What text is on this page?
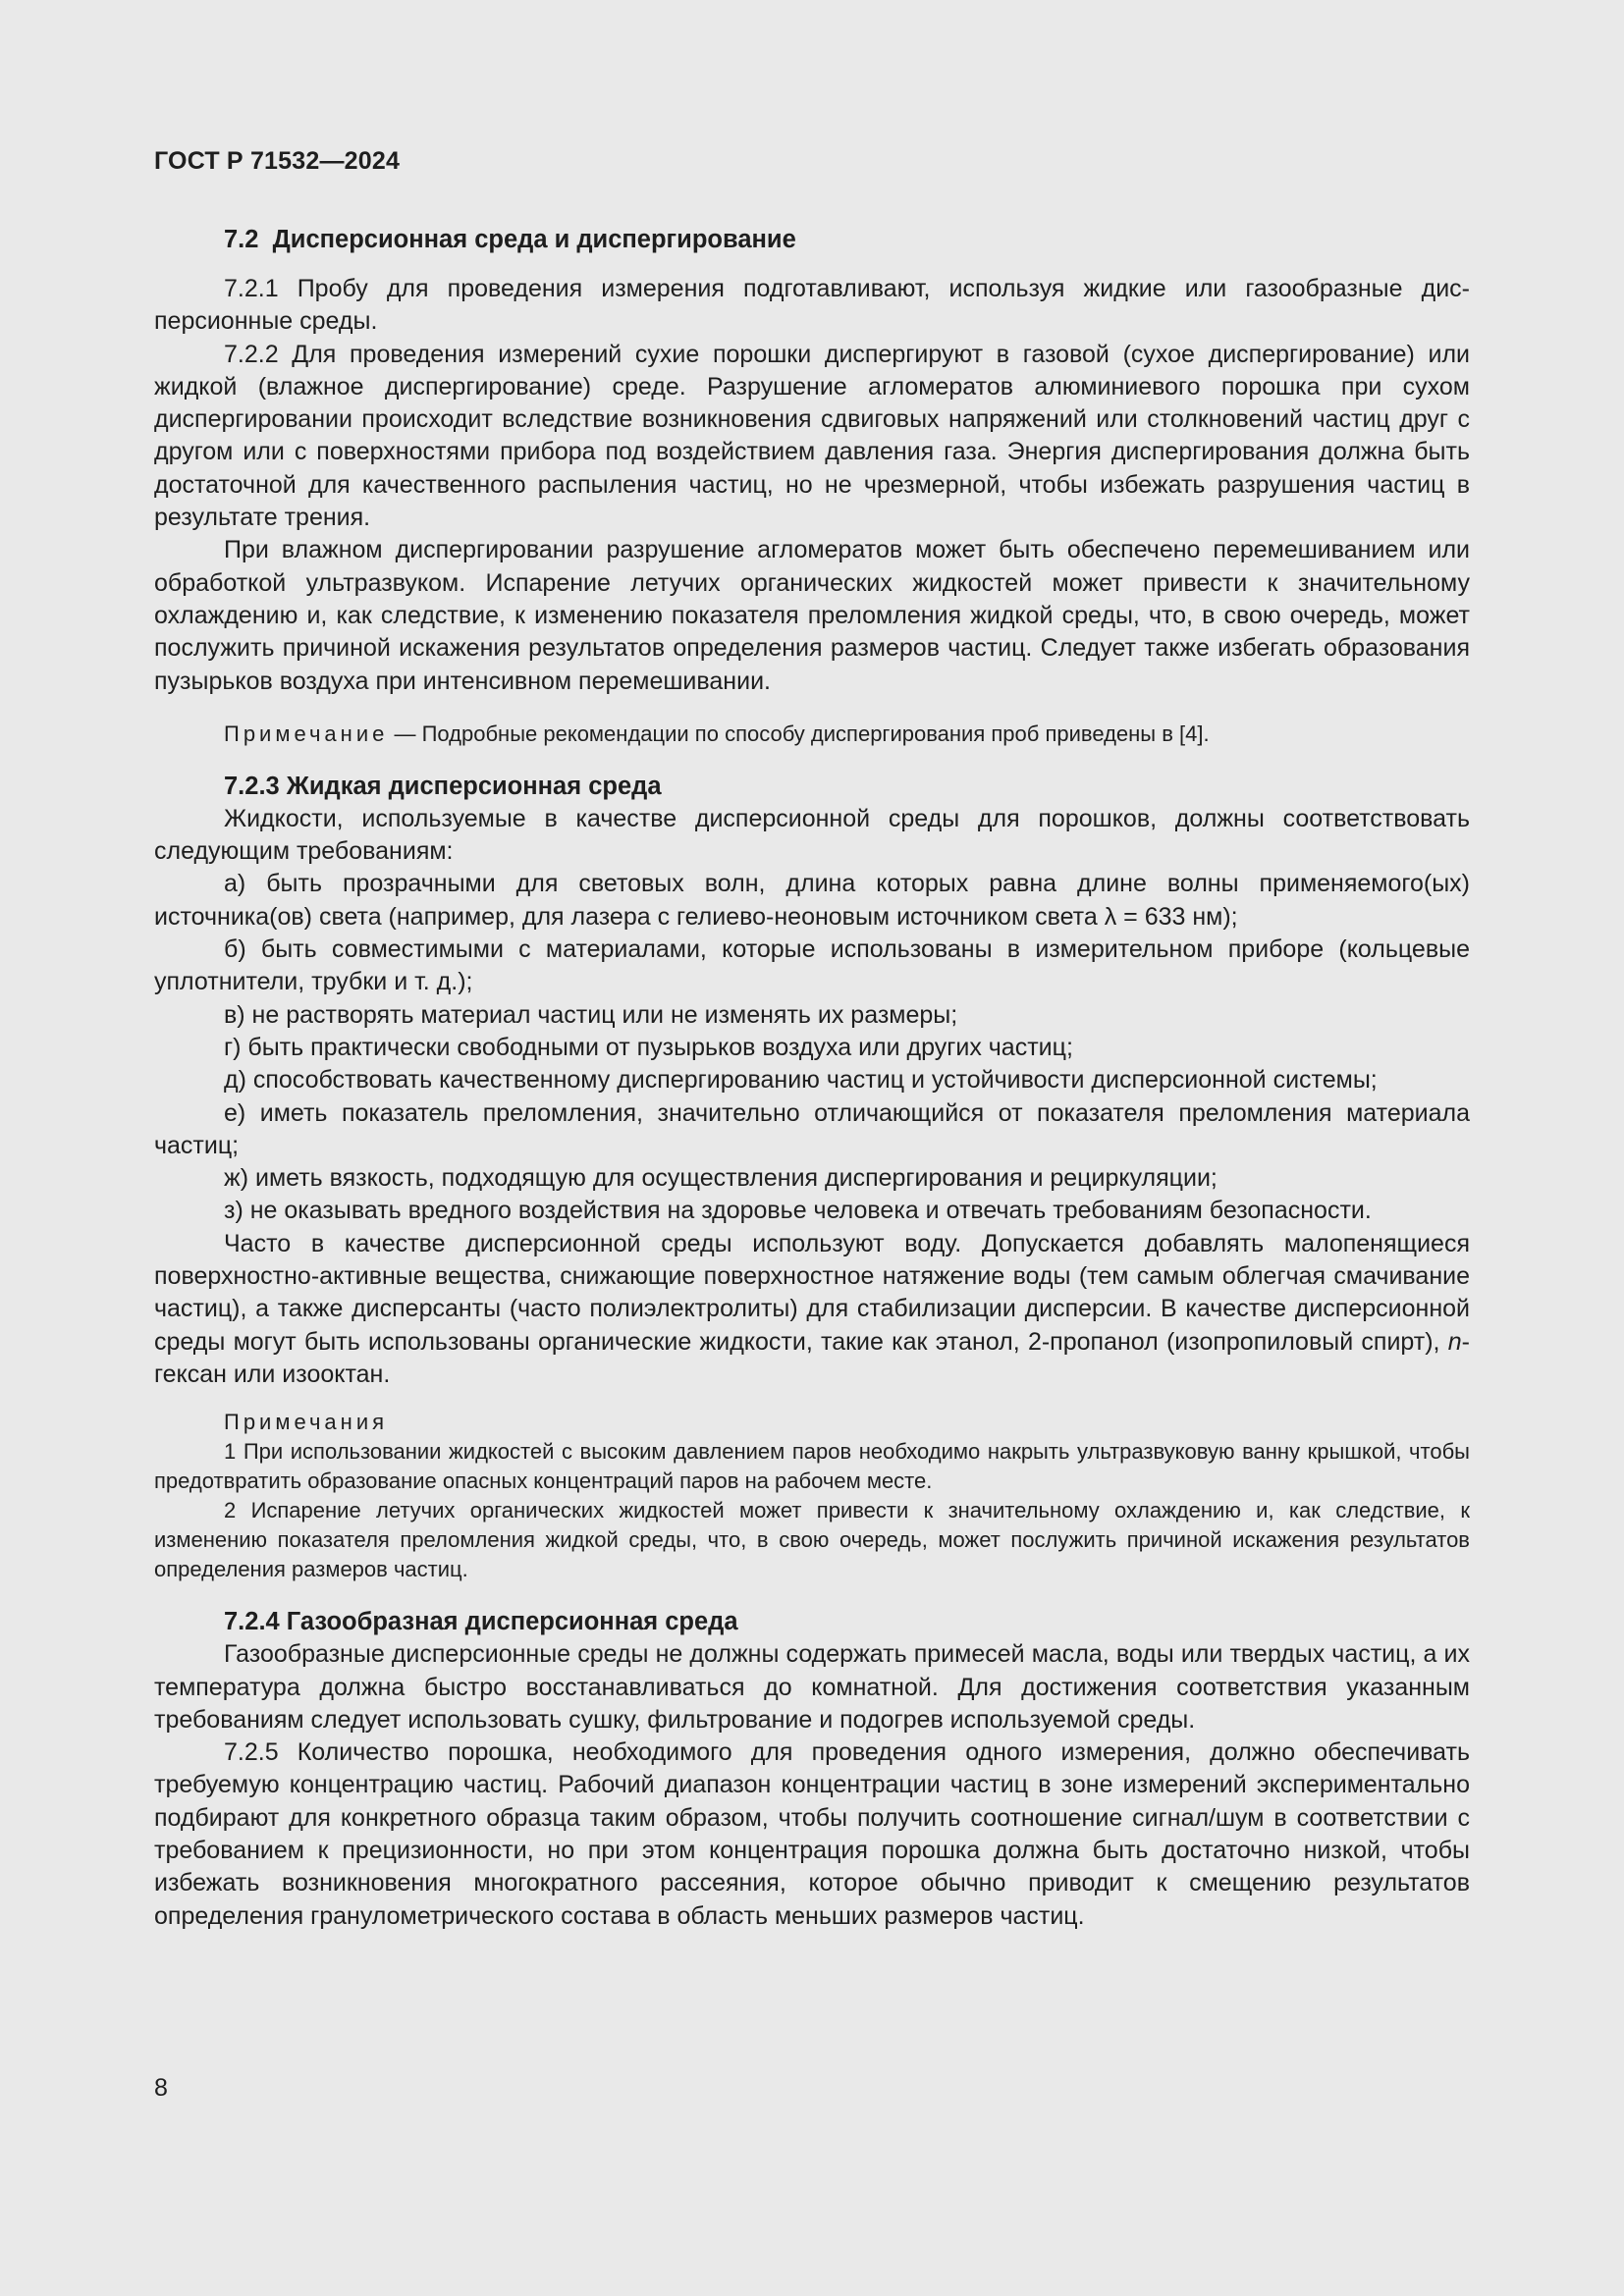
ГОСТ Р 71532—2024

7.2 Дисперсионная среда и диспергирование

7.2.1 Пробу для проведения измерения подготавливают, используя жидкие или газообразные дисперсионные среды.

7.2.2 Для проведения измерений сухие порошки диспергируют в газовой (сухое диспергирование) или жидкой (влажное диспергирование) среде. Разрушение агломератов алюминиевого порошка при сухом диспергировании происходит вследствие возникновения сдвиговых напряжений или столкновений частиц друг с другом или с поверхностями прибора под воздействием давления газа. Энергия диспергирования должна быть достаточной для качественного распыления частиц, но не чрезмерной, чтобы избежать разрушения частиц в результате трения.

При влажном диспергировании разрушение агломератов может быть обеспечено перемешиванием или обработкой ультразвуком. Испарение летучих органических жидкостей может привести к значительному охлаждению и, как следствие, к изменению показателя преломления жидкой среды, что, в свою очередь, может послужить причиной искажения результатов определения размеров частиц. Следует также избегать образования пузырьков воздуха при интенсивном перемешивании.

Примечание — Подробные рекомендации по способу диспергирования проб приведены в [4].

7.2.3 Жидкая дисперсионная среда

Жидкости, используемые в качестве дисперсионной среды для порошков, должны соответствовать следующим требованиям:

а) быть прозрачными для световых волн, длина которых равна длине волны применяемого(ых) источника(ов) света (например, для лазера с гелиево-неоновым источником света λ = 633 нм);

б) быть совместимыми с материалами, которые использованы в измерительном приборе (кольцевые уплотнители, трубки и т. д.);

в) не растворять материал частиц или не изменять их размеры;

г) быть практически свободными от пузырьков воздуха или других частиц;

д) способствовать качественному диспергированию частиц и устойчивости дисперсионной системы;

е) иметь показатель преломления, значительно отличающийся от показателя преломления материала частиц;

ж) иметь вязкость, подходящую для осуществления диспергирования и рециркуляции;

з) не оказывать вредного воздействия на здоровье человека и отвечать требованиям безопасности.

Часто в качестве дисперсионной среды используют воду. Допускается добавлять малопенящиеся поверхностно-активные вещества, снижающие поверхностное натяжение воды (тем самым облегчая смачивание частиц), а также дисперсанты (часто полиэлектролиты) для стабилизации дисперсии. В качестве дисперсионной среды могут быть использованы органические жидкости, такие как этанол, 2-пропанол (изопропиловый спирт), n-гексан или изооктан.

Примечания

1 При использовании жидкостей с высоким давлением паров необходимо накрыть ультразвуковую ванну крышкой, чтобы предотвратить образование опасных концентраций паров на рабочем месте.

2 Испарение летучих органических жидкостей может привести к значительному охлаждению и, как следствие, к изменению показателя преломления жидкой среды, что, в свою очередь, может послужить причиной искажения результатов определения размеров частиц.

7.2.4 Газообразная дисперсионная среда

Газообразные дисперсионные среды не должны содержать примесей масла, воды или твердых частиц, а их температура должна быстро восстанавливаться до комнатной. Для достижения соответствия указанным требованиям следует использовать сушку, фильтрование и подогрев используемой среды.

7.2.5 Количество порошка, необходимого для проведения одного измерения, должно обеспечивать требуемую концентрацию частиц. Рабочий диапазон концентрации частиц в зоне измерений экспериментально подбирают для конкретного образца таким образом, чтобы получить соотношение сигнал/шум в соответствии с требованием к прецизионности, но при этом концентрация порошка должна быть достаточно низкой, чтобы избежать возникновения многократного рассеяния, которое обычно приводит к смещению результатов определения гранулометрического состава в область меньших размеров частиц.

8
